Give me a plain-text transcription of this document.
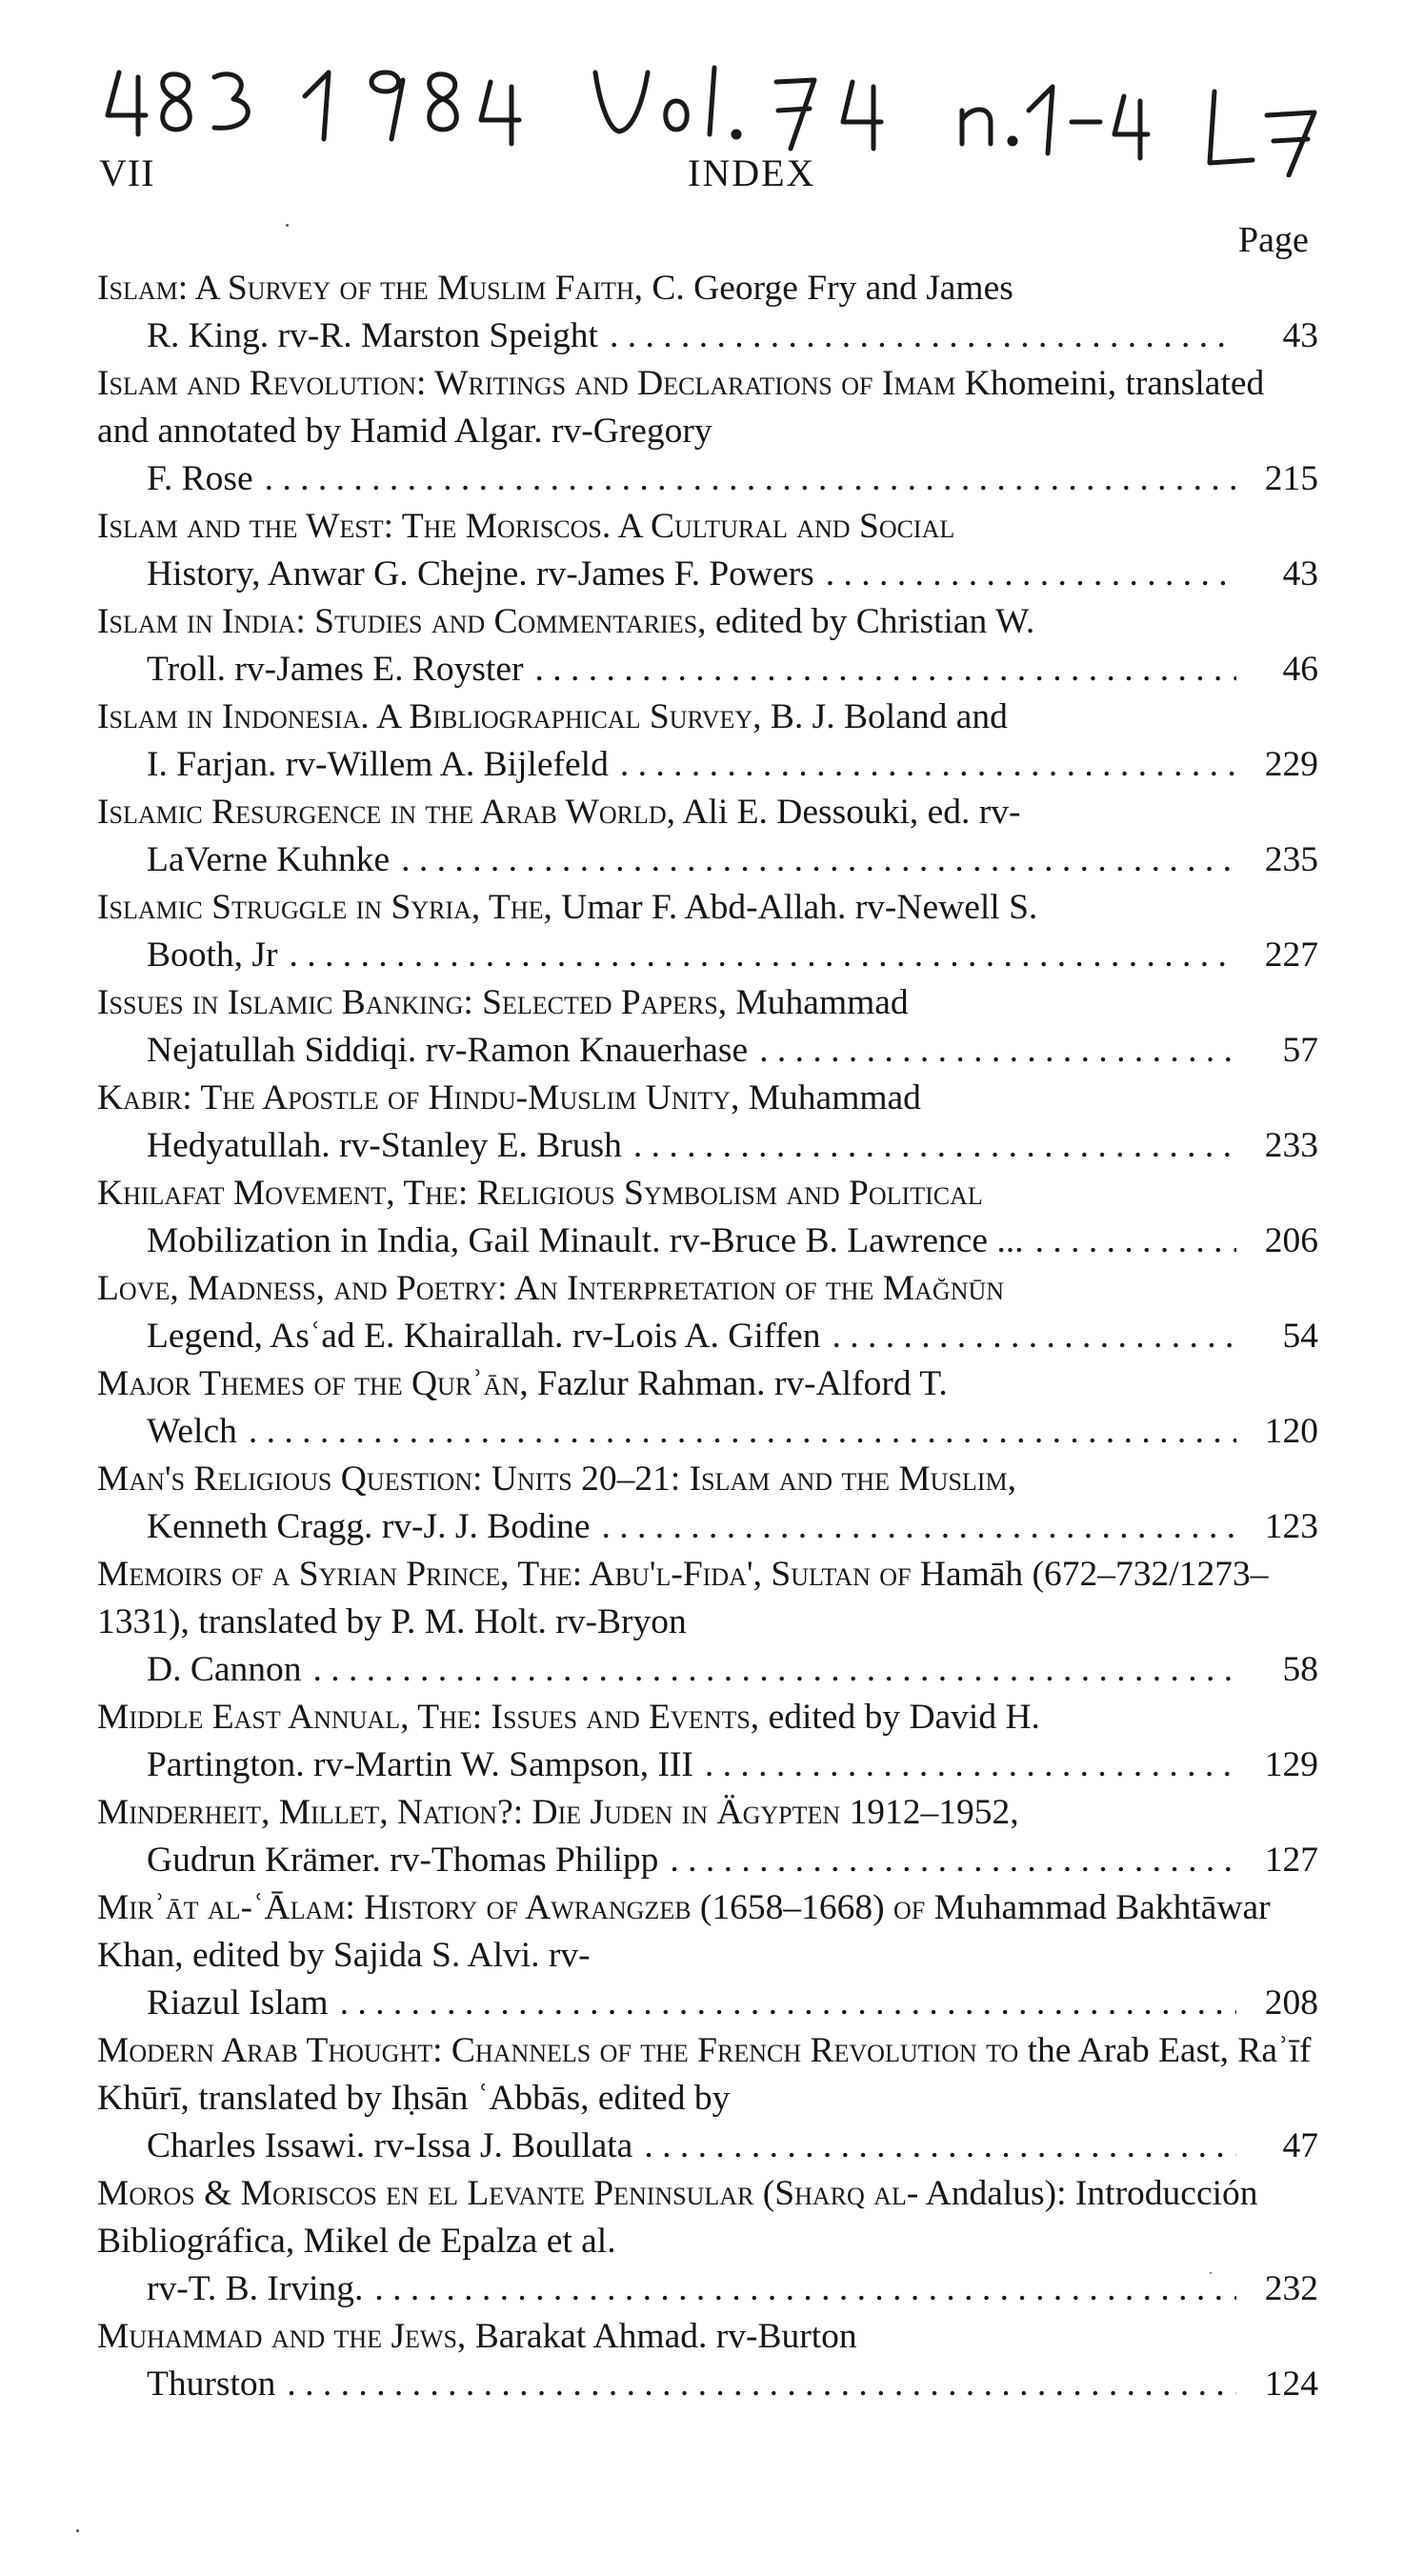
VII	INDEX
Page

Islam: A Survey of the Muslim Faith, C. George Fry and James

R. King. rv-R. Marston Speight . . .	43

Islam and Revolution: Writings and Declarations of Imam Khomeini, translated and annotated by Hamid Algar. rv-Gregory

F. Rose . . .	215

Islam and the West: The Moriscos. A Cultural and Social

History, Anwar G. Chejne. rv-James F. Powers . . .	43

Islam in India: Studies and Commentaries, edited by Christian W.

Troll. rv-James E. Royster . . .	46

Islam in Indonesia. A Bibliographical Survey, B. J. Boland and

I. Farjan. rv-Willem A. Bijlefeld . . .	229

Islamic Resurgence in the Arab World, Ali E. Dessouki, ed. rv-

LaVerne Kuhnke . . .	235

Islamic Struggle in Syria, The, Umar F. Abd-Allah. rv-Newell S.

Booth, Jr . . .	227

Issues in Islamic Banking: Selected Papers, Muhammad

Nejatullah Siddiqi. rv-Ramon Knauerhase . . .	57

Kabir: The Apostle of Hindu-Muslim Unity, Muhammad

Hedyatullah. rv-Stanley E. Brush . . .	233

Khilafat Movement, The: Religious Symbolism and Political

Mobilization in India, Gail Minault. rv-Bruce B. Lawrence ... . . .	206

Love, Madness, and Poetry: An Interpretation of the Mağnūn

Legend, Asʿad E. Khairallah. rv-Lois A. Giffen . . .	54

Major Themes of the Qurʾān, Fazlur Rahman. rv-Alford T.

Welch . . .	120

Man's Religious Question: Units 20–21: Islam and the Muslim,

Kenneth Cragg. rv-J. J. Bodine . . .	123

Memoirs of a Syrian Prince, The: Abu'l-Fida', Sultan of Hamāh (672–732/1273–1331), translated by P. M. Holt. rv-Bryon

D. Cannon . . .	58

Middle East Annual, The: Issues and Events, edited by David H.

Partington. rv-Martin W. Sampson, III . . .	129

Minderheit, Millet, Nation?: Die Juden in Ägypten 1912–1952,

Gudrun Krämer. rv-Thomas Philipp . . .	127

Mirʾāt al-ʿĀlam: History of Awrangzeb (1658–1668) of Muhammad Bakhtāwar Khan, edited by Sajida S. Alvi. rv-

Riazul Islam . . .	208

Modern Arab Thought: Channels of the French Revolution to the Arab East, Raʾīf Khūrī, translated by Iḥsān ʿAbbās, edited by

Charles Issawi. rv-Issa J. Boullata . . .	47

Moros & Moriscos en el Levante Peninsular (Sharq al- Andalus): Introducción Bibliográfica, Mikel de Epalza et al.

rv-T. B. Irving. . . .	232

Muhammad and the Jews, Barakat Ahmad. rv-Burton

Thurston . . .	124
